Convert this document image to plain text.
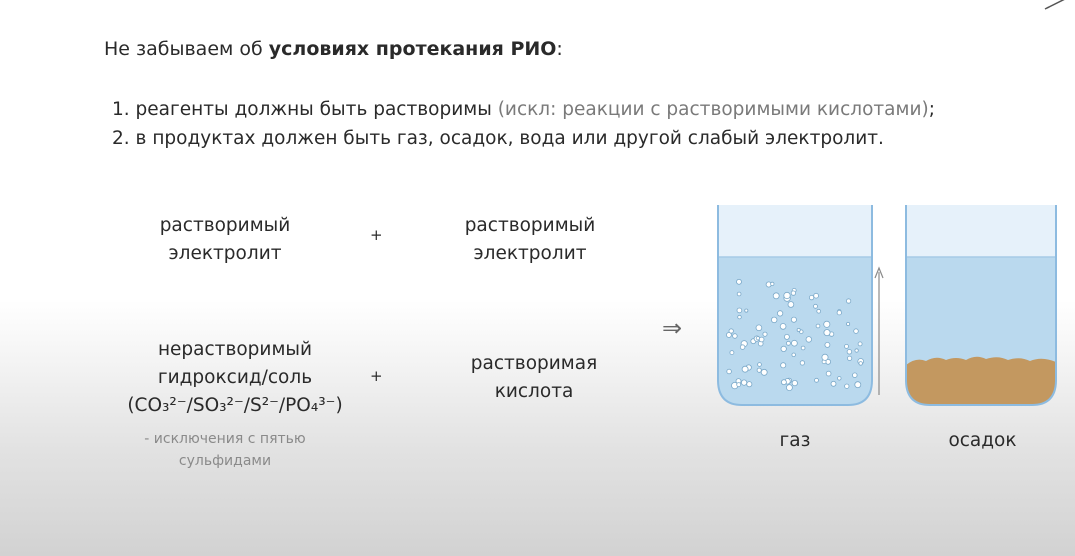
Не забываем об условиях протекания РИО:
1. реагенты должны быть растворимы (искл: реакции с растворимыми кислотами);
2. в продуктах должен быть газ, осадок, вода или другой слабый электролит.
растворимый
электролит
+	растворимый
электролит
нерастворимый
гидроксид/соль
(CO₃²⁻/SO₃²⁻/S²⁻/PO₄³⁻)
+
растворимая
кислота
- исключения с пятью
сульфидами
⇒
газ	осадок
